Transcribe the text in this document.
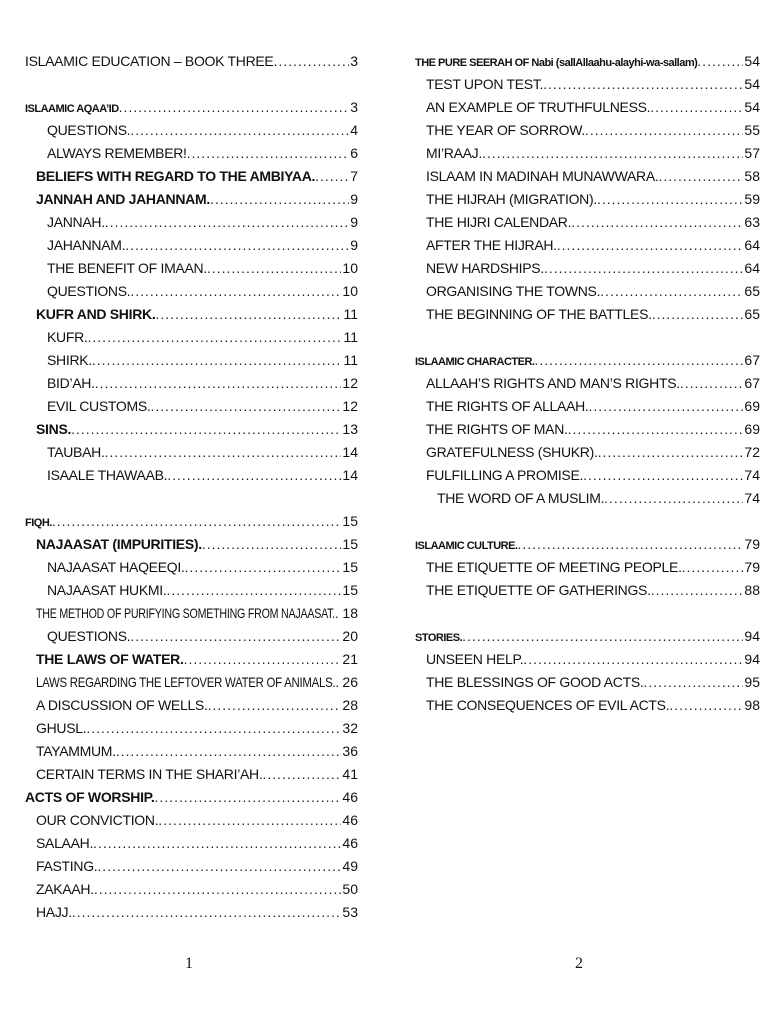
ISLAAMIC EDUCATION – BOOK THREE .....	3
ISLAAMIC AQAA’ID .....	3
QUESTIONS. .....	4
ALWAYS REMEMBER! .....	6
BELIEFS WITH REGARD TO THE AMBIYAA. .....	7
JANNAH AND JAHANNAM. .....	9
JANNAH. .....	9
JAHANNAM. .....	9
THE BENEFIT OF IMAAN. .....	10
QUESTIONS. .....	10
KUFR AND SHIRK. .....	11
KUFR. .....	11
SHIRK. .....	11
BID’AH. .....	12
EVIL CUSTOMS. .....	12
SINS. .....	13
TAUBAH. .....	14
ISAALE THAWAAB. .....	14
FIQH. .....	15
NAJAASAT (IMPURITIES). .....	15
NAJAASAT HAQEEQI. .....	15
NAJAASAT HUKMI. .....	15
THE METHOD OF PURIFYING SOMETHING FROM NAJAASAT. ..... 18
QUESTIONS. .....	20
THE LAWS OF WATER. .....	21
LAWS REGARDING THE LEFTOVER WATER OF ANIMALS. ..... 26
A DISCUSSION OF WELLS. .....	28
GHUSL. .....	32
TAYAMMUM. .....	36
CERTAIN TERMS IN THE SHARI’AH. .....	41
ACTS OF WORSHIP. .....	46
OUR CONVICTION. .....	46
SALAAH. .....	46
FASTING. .....	49
ZAKAAH. .....	50
HAJJ. .....	53
1
THE PURE SEERAH OF Nabi (sallAllaahu-alayhi-wa-sallam) .....	54
TEST UPON TEST. .....	54
AN EXAMPLE OF TRUTHFULNESS. .....	54
THE YEAR OF SORROW. .....	55
MI’RAAJ. .....	57
ISLAAM IN MADINAH MUNAWWARA. .....	58
THE HIJRAH (MIGRATION). .....	59
THE HIJRI CALENDAR. .....	63
AFTER THE HIJRAH. .....	64
NEW HARDSHIPS. .....	64
ORGANISING THE TOWNS. .....	65
THE BEGINNING OF THE BATTLES. .....	65
ISLAAMIC CHARACTER. .....	67
ALLAAH’S RIGHTS AND MAN’S RIGHTS. .....	67
THE RIGHTS OF ALLAAH. .....	69
THE RIGHTS OF MAN. .....	69
GRATEFULNESS (SHUKR). .....	72
FULFILLING A PROMISE. .....	74
THE WORD OF A MUSLIM. .....	74
ISLAAMIC CULTURE. .....	79
THE ETIQUETTE OF MEETING PEOPLE. .....	79
THE ETIQUETTE OF GATHERINGS. .....	88
STORIES. .....	94
UNSEEN HELP. .....	94
THE BLESSINGS OF GOOD ACTS. .....	95
THE CONSEQUENCES OF EVIL ACTS. .....	98
2
